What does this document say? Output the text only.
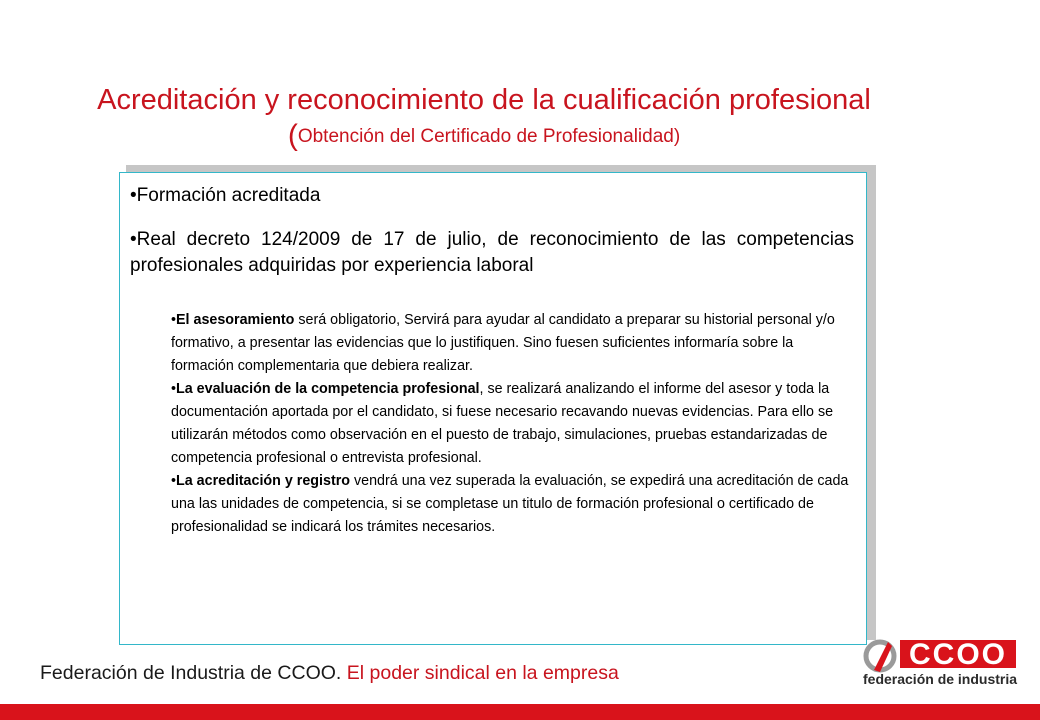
Acreditación y reconocimiento de la cualificación profesional
(Obtención del Certificado de Profesionalidad)

•Formación acreditada

•Real decreto 124/2009 de 17 de julio, de reconocimiento de las competencias profesionales adquiridas por experiencia laboral

•El asesoramiento será obligatorio, Servirá para ayudar al candidato a preparar su historial personal y/o formativo, a presentar las evidencias que lo justifiquen. Sino fuesen suficientes informaría sobre la formación complementaria que debiera realizar.

•La evaluación de la competencia profesional, se realizará analizando el informe del asesor y toda la documentación aportada por el candidato, si fuese necesario recavando nuevas evidencias. Para ello se utilizarán métodos como observación en el puesto de trabajo, simulaciones, pruebas estandarizadas de competencia profesional o entrevista profesional.

•La acreditación y registro vendrá una vez superada la evaluación, se expedirá una acreditación de cada una las unidades de competencia, si se completase un titulo de formación profesional o certificado de profesionalidad se indicará los trámites necesarios.

Federación de Industria de CCOO. El poder sindical en la empresa
CCOO
federación de industria
